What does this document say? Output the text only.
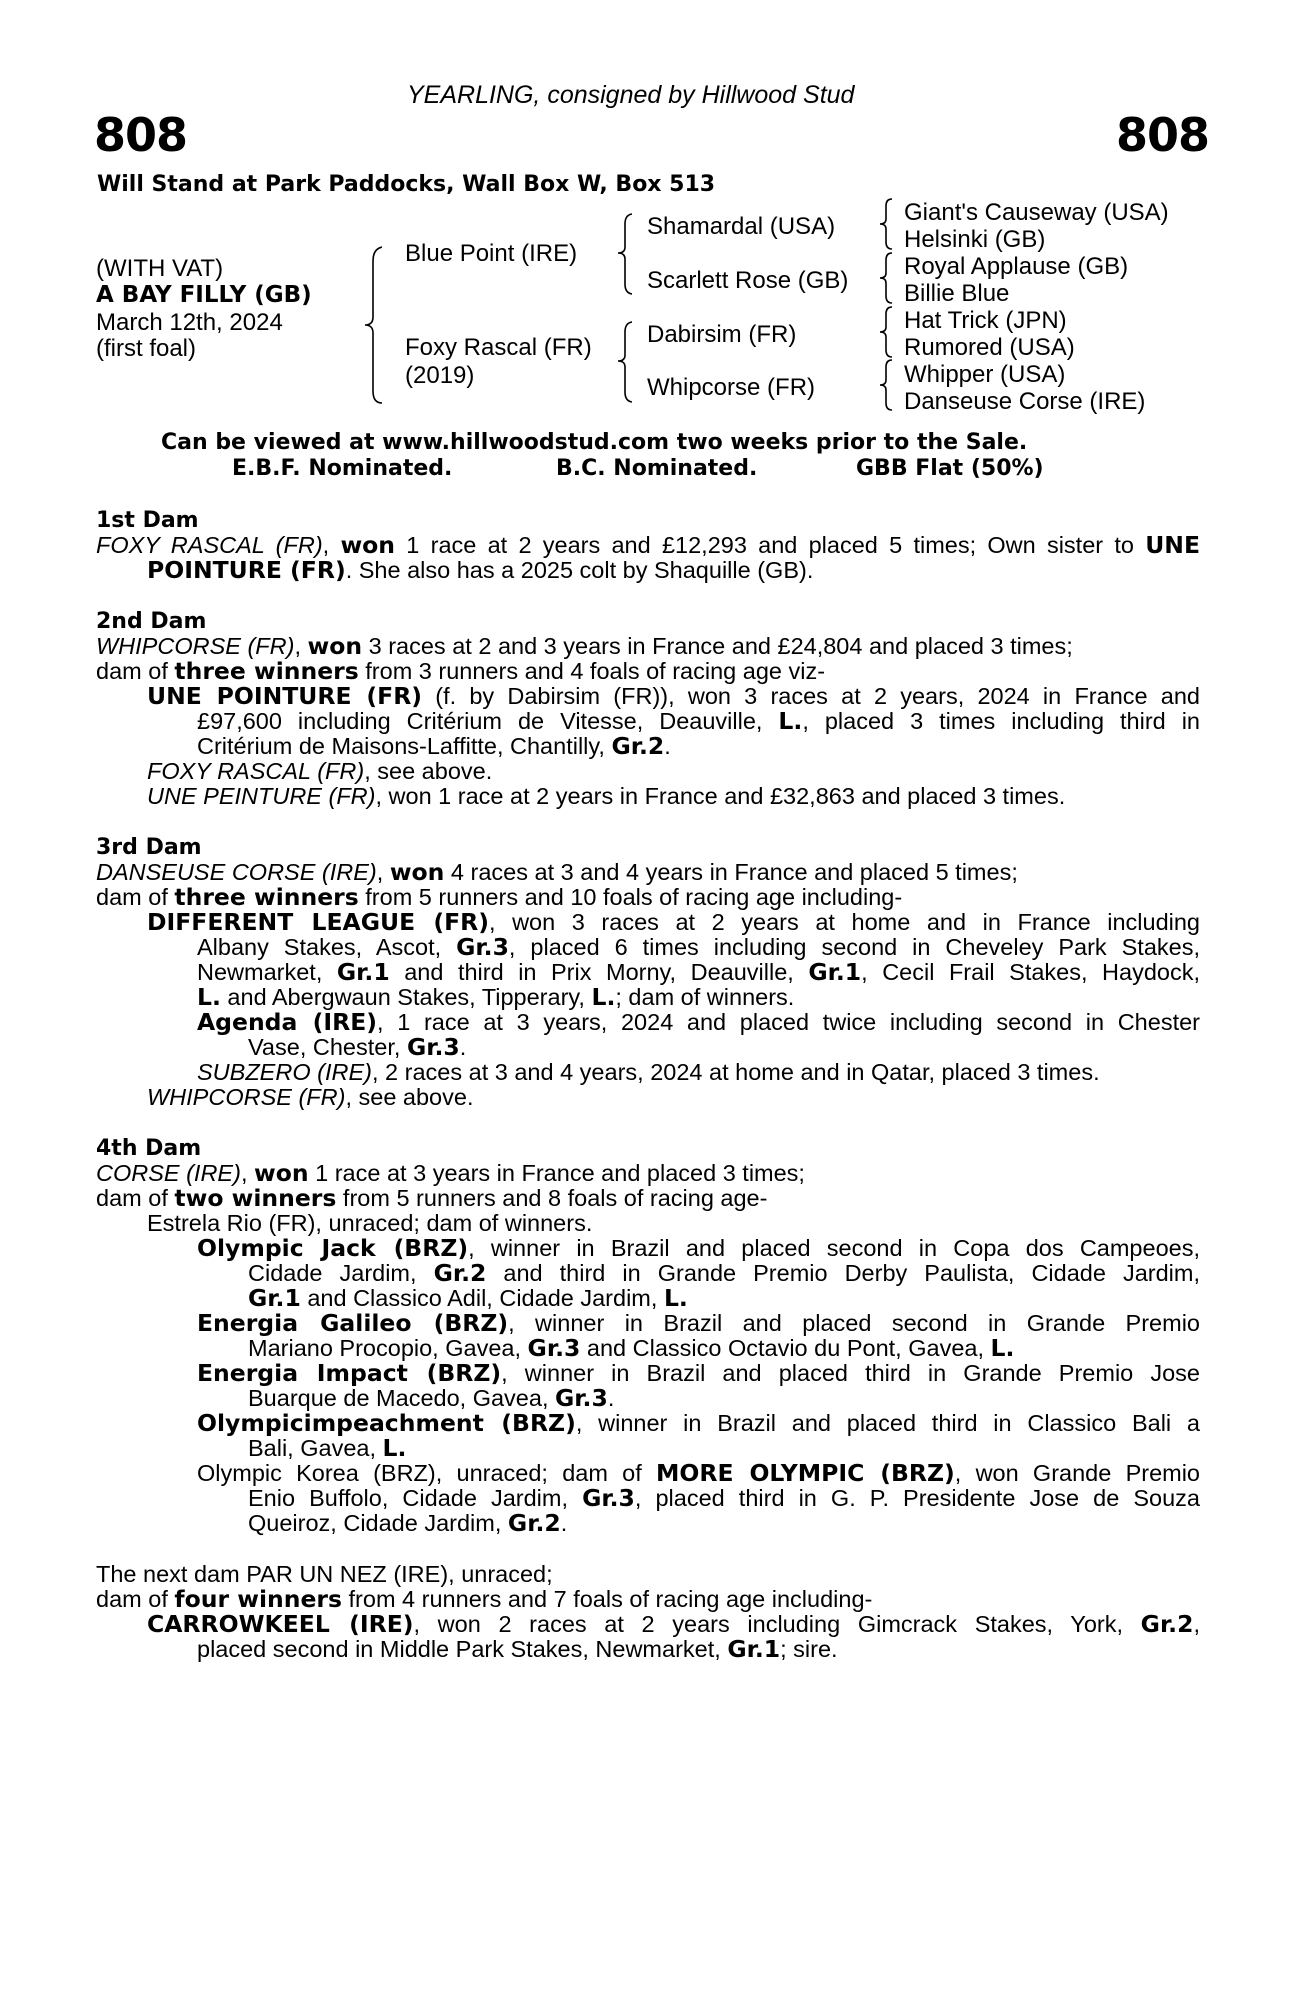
YEARLING, consigned by Hillwood Stud
808	808
Will Stand at Park Paddocks, Wall Box W, Box 513
(WITH VAT)
A BAY FILLY (GB)
March 12th, 2024
(first foal)
Blue Point (IRE)
Foxy Rascal (FR)
(2019)
Shamardal (USA)
Scarlett Rose (GB)
Dabirsim (FR)
Whipcorse (FR)
Giant's Causeway (USA)
Helsinki (GB)
Royal Applause (GB)
Billie Blue
Hat Trick (JPN)
Rumored (USA)
Whipper (USA)
Danseuse Corse (IRE)
Can be viewed at www.hillwoodstud.com two weeks prior to the Sale.
E.B.F. Nominated.	B.C. Nominated.	GBB Flat (50%)
1st Dam
FOXY RASCAL (FR), won 1 race at 2 years and £12,293 and placed 5 times; Own sister to UNE
POINTURE (FR). She also has a 2025 colt by Shaquille (GB).
2nd Dam
WHIPCORSE (FR), won 3 races at 2 and 3 years in France and £24,804 and placed 3 times;
dam of three winners from 3 runners and 4 foals of racing age viz-
UNE POINTURE (FR) (f. by Dabirsim (FR)), won 3 races at 2 years, 2024 in France and
£97,600 including Critérium de Vitesse, Deauville, L., placed 3 times including third in
Critérium de Maisons-Laffitte, Chantilly, Gr.2.
FOXY RASCAL (FR), see above.
UNE PEINTURE (FR), won 1 race at 2 years in France and £32,863 and placed 3 times.
3rd Dam
DANSEUSE CORSE (IRE), won 4 races at 3 and 4 years in France and placed 5 times;
dam of three winners from 5 runners and 10 foals of racing age including-
DIFFERENT LEAGUE (FR), won 3 races at 2 years at home and in France including
Albany Stakes, Ascot, Gr.3, placed 6 times including second in Cheveley Park Stakes,
Newmarket, Gr.1 and third in Prix Morny, Deauville, Gr.1, Cecil Frail Stakes, Haydock,
L. and Abergwaun Stakes, Tipperary, L.; dam of winners.
Agenda (IRE), 1 race at 3 years, 2024 and placed twice including second in Chester
Vase, Chester, Gr.3.
SUBZERO (IRE), 2 races at 3 and 4 years, 2024 at home and in Qatar, placed 3 times.
WHIPCORSE (FR), see above.
4th Dam
CORSE (IRE), won 1 race at 3 years in France and placed 3 times;
dam of two winners from 5 runners and 8 foals of racing age-
Estrela Rio (FR), unraced; dam of winners.
Olympic Jack (BRZ), winner in Brazil and placed second in Copa dos Campeoes,
Cidade Jardim, Gr.2 and third in Grande Premio Derby Paulista, Cidade Jardim,
Gr.1 and Classico Adil, Cidade Jardim, L.
Energia Galileo (BRZ), winner in Brazil and placed second in Grande Premio
Mariano Procopio, Gavea, Gr.3 and Classico Octavio du Pont, Gavea, L.
Energia Impact (BRZ), winner in Brazil and placed third in Grande Premio Jose
Buarque de Macedo, Gavea, Gr.3.
Olympicimpeachment (BRZ), winner in Brazil and placed third in Classico Bali a
Bali, Gavea, L.
Olympic Korea (BRZ), unraced; dam of MORE OLYMPIC (BRZ), won Grande Premio
Enio Buffolo, Cidade Jardim, Gr.3, placed third in G. P. Presidente Jose de Souza
Queiroz, Cidade Jardim, Gr.2.
The next dam PAR UN NEZ (IRE), unraced;
dam of four winners from 4 runners and 7 foals of racing age including-
CARROWKEEL (IRE), won 2 races at 2 years including Gimcrack Stakes, York, Gr.2,
placed second in Middle Park Stakes, Newmarket, Gr.1; sire.
